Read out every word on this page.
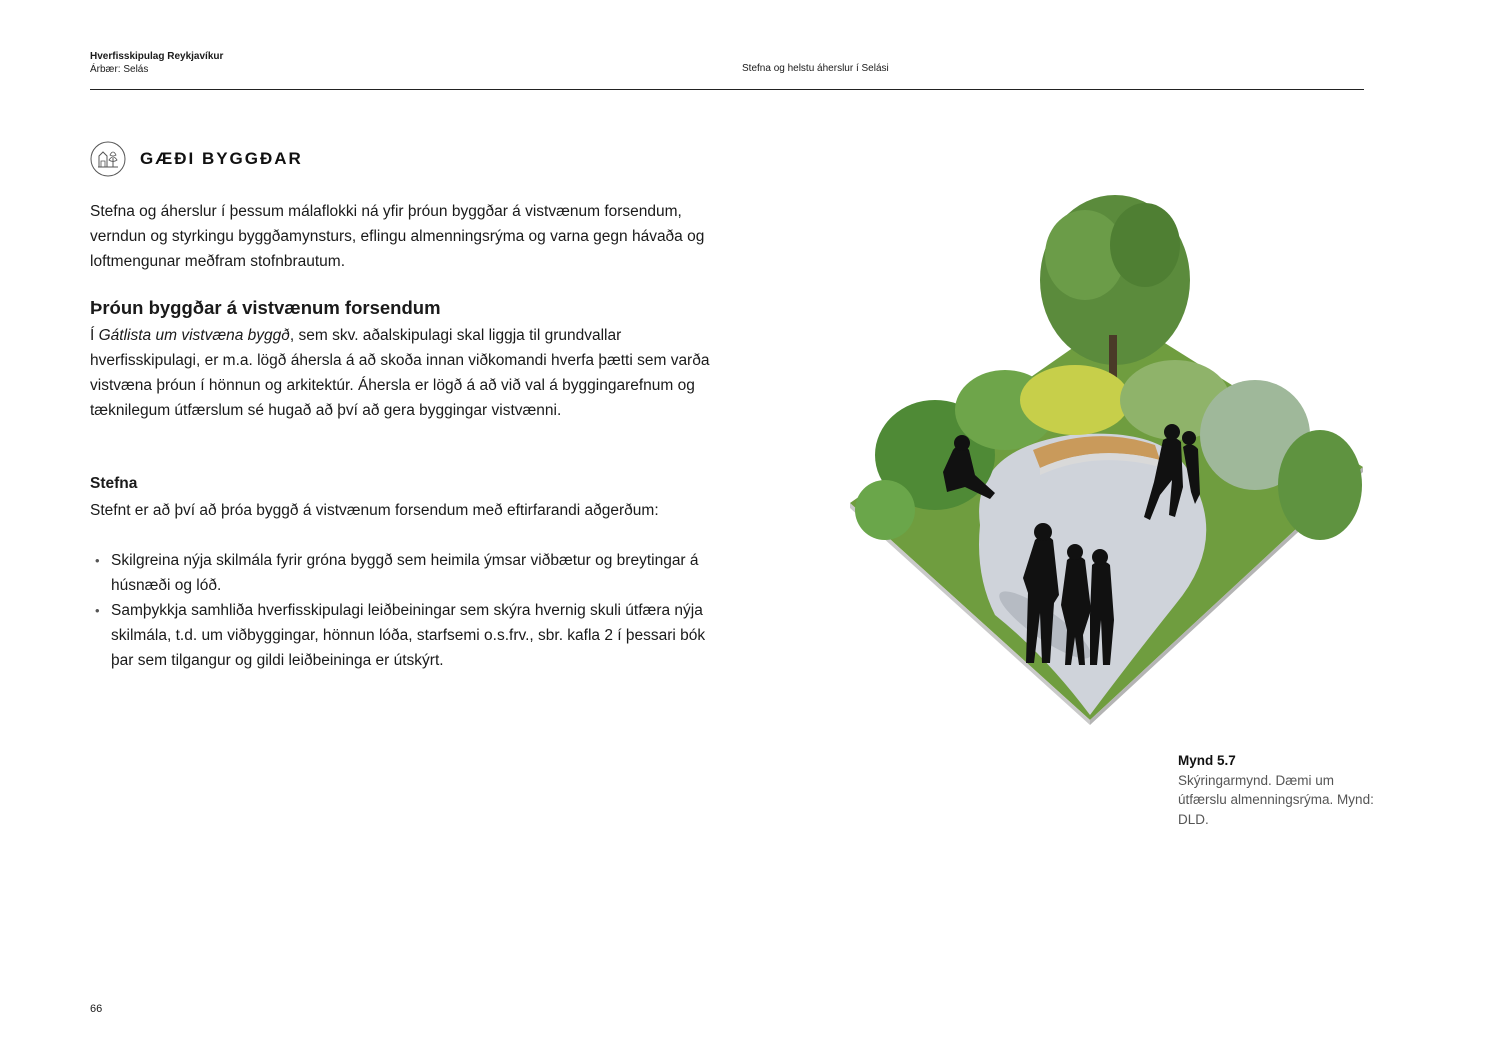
Hverfisskipulag Reykjavíkur
Árbær: Selás	Stefna og helstu áherslur í Selási
GÆÐI BYGGÐAR
Stefna og áherslur í þessum málaflokki ná yfir þróun byggðar á vistvænum forsendum, verndun og styrkingu byggðamynsturs, eflingu almenningsrýma og varna gegn hávaða og loftmengunar meðfram stofnbrautum.
Þróun byggðar á vistvænum forsendum
Í Gátlista um vistvæna byggð, sem skv. aðalskipulagi skal liggja til grundvallar hverfisskipulagi, er m.a. lögð áhersla á að skoða innan viðkomandi hverfa þætti sem varða vistvæna þróun í hönnun og arkitektúr. Áhersla er lögð á að við val á byggingarefnum og tæknilegum útfærslum sé hugað að því að gera byggingar vistvænni.
Stefna
Stefnt er að því að þróa byggð á vistvænum forsendum með eftirfarandi aðgerðum:
• Skilgreina nýja skilmála fyrir gróna byggð sem heimila ýmsar viðbætur og breytingar á húsnæði og lóð.
• Samþykkja samhliða hverfisskipulagi leiðbeiningar sem skýra hvernig skuli útfæra nýja skilmála, t.d. um viðbyggingar, hönnun lóða, starfsemi o.s.frv., sbr. kafla 2 í þessari bók þar sem tilgangur og gildi leiðbeininga er útskýrt.
Mynd 5.7
Skýringarmynd. Dæmi um útfærslu almenningsrýma. Mynd: DLD.
66
